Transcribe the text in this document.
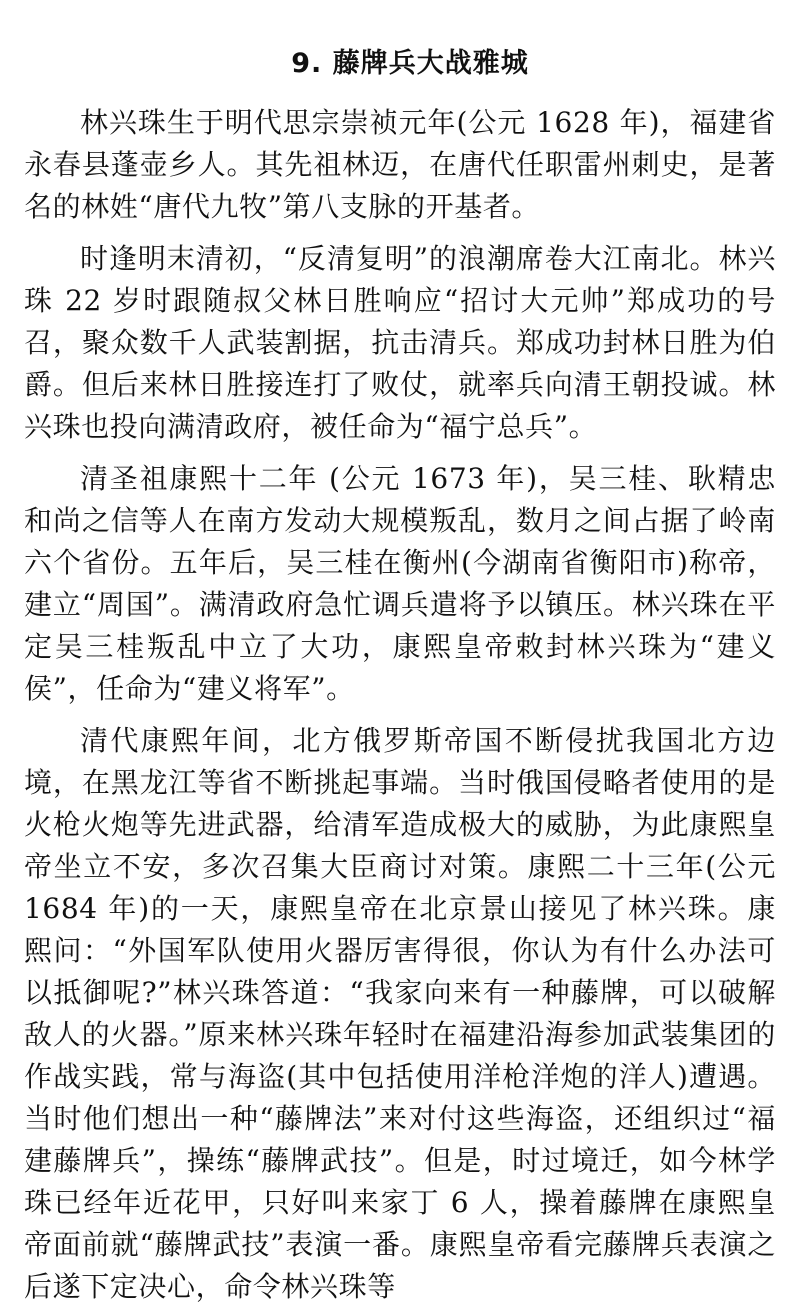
9. 藤牌兵大战雅城

林兴珠生于明代思宗崇祯元年(公元 1628 年)，福建省永春县蓬壶乡人。其先祖林迈，在唐代任职雷州刺史，是著名的林姓“唐代九牧”第八支脉的开基者。

时逢明末清初，“反清复明”的浪潮席卷大江南北。林兴珠 22 岁时跟随叔父林日胜响应“招讨大元帅”郑成功的号召，聚众数千人武装割据，抗击清兵。郑成功封林日胜为伯爵。但后来林日胜接连打了败仗，就率兵向清王朝投诚。林兴珠也投向满清政府，被任命为“福宁总兵”。

清圣祖康熙十二年 (公元 1673 年)，吴三桂、耿精忠和尚之信等人在南方发动大规模叛乱，数月之间占据了岭南六个省份。五年后，吴三桂在衡州(今湖南省衡阳市)称帝，建立“周国”。满清政府急忙调兵遣将予以镇压。林兴珠在平定吴三桂叛乱中立了大功，康熙皇帝敕封林兴珠为“建义侯”，任命为“建义将军”。

清代康熙年间，北方俄罗斯帝国不断侵扰我国北方边境，在黑龙江等省不断挑起事端。当时俄国侵略者使用的是火枪火炮等先进武器，给清军造成极大的威胁，为此康熙皇帝坐立不安，多次召集大臣商讨对策。康熙二十三年(公元 1684 年)的一天，康熙皇帝在北京景山接见了林兴珠。康熙问：“外国军队使用火器厉害得很，你认为有什么办法可以抵御呢?”林兴珠答道：“我家向来有一种藤牌，可以破解敌人的火器。”原来林兴珠年轻时在福建沿海参加武装集团的作战实践，常与海盗(其中包括使用洋枪洋炮的洋人)遭遇。当时他们想出一种“藤牌法”来对付这些海盗，还组织过“福建藤牌兵”，操练“藤牌武技”。但是，时过境迁，如今林学珠已经年近花甲，只好叫来家丁 6 人，操着藤牌在康熙皇帝面前就“藤牌武技”表演一番。康熙皇帝看完藤牌兵表演之后遂下定决心，命令林兴珠等
